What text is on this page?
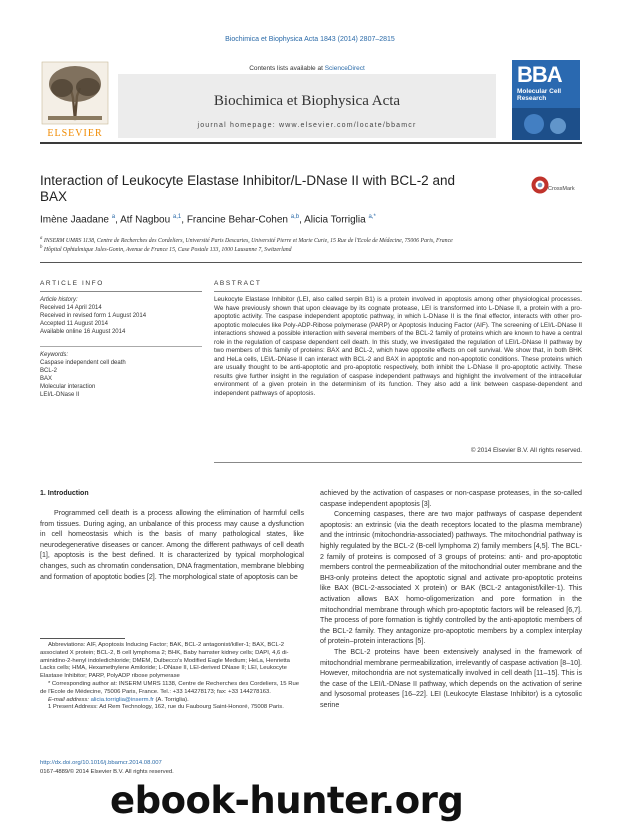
Biochimica et Biophysica Acta 1843 (2014) 2807–2815
ELSEVIER
Contents lists available at ScienceDirect
Biochimica et Biophysica Acta
journal homepage: www.elsevier.com/locate/bbamcr
BBA
Molecular Cell Research
Interaction of Leukocyte Elastase Inhibitor/L-DNase II with BCL-2 and BAX	CrossMark
Imène Jaadane $^a$, Atf Nagbou $^{a,1}$, Francine Behar-Cohen $^{a,b}$, Alicia Torriglia $^{a,*}$
$^a$ INSERM UMRS 1138, Centre de Recherches des Cordeliers, Université Paris Descartes, Université Pierre et Marie Curie, 15 Rue de l'Ecole de Médecine, 75006 Paris, France
$^b$ Hôpital Ophtalmique Jules-Gonin, Avenue de France 15, Case Postale 133, 1000 Lausanne 7, Switzerland
ARTICLE INFO	ABSTRACT
Article history:
Received 14 April 2014
Received in revised form 1 August 2014
Accepted 11 August 2014
Available online 16 August 2014
Keywords:
Caspase independent cell death
BCL-2
BAX
Molecular interaction
LEI/L-DNase II
Leukocyte Elastase Inhibitor (LEI, also called serpin B1) is a protein involved in apoptosis among other physiological processes. We have previously shown that upon cleavage by its cognate protease, LEI is transformed into L-DNase II, a protein with a pro-apoptotic activity. The caspase independent apoptotic pathway, in which L-DNase II is the final effector, interacts with other pro-apoptotic molecules like Poly-ADP-Ribose polymerase (PARP) or Apoptosis Inducing Factor (AIF). The screening of LEI/L-DNase II interactions showed a possible interaction with several members of the BCL-2 family of proteins which are known to have a central role in the regulation of caspase dependent cell death. In this study, we investigated the regulation of LEI/L-DNase II pathway by two members of this family of proteins: BAX and BCL-2, which have opposite effects on cell survival. We show that, in both BHK and HeLa cells, LEI/L-DNase II can interact with BCL-2 and BAX in apoptotic and non-apoptotic conditions. These proteins which are usually thought to be anti-apoptotic and pro-apoptotic respectively, both inhibit the L-DNase II pro-apoptotic activity. These results give further insight in the regulation of caspase independent pathways and highlight the involvement of the intracellular environment of a given protein in the determinism of its function. They also add a link between caspase-dependent and independent pathways of apoptosis.
© 2014 Elsevier B.V. All rights reserved.
1. Introduction
Programmed cell death is a process allowing the elimination of harmful cells from tissues. During aging, an unbalance of this process may cause a dysfunction in cell homeostasis which is the basis of many pathological states, like neurodegenerative diseases or cancer. Among the different pathways of cell death [1], apoptosis is the best defined. It is characterized by typical morphological changes, such as chromatin condensation, DNA fragmentation, membrane blebbing and formation of apoptotic bodies [2]. The morphological state of apoptosis can be

achieved by the activation of caspases or non-caspase proteases, in the so-called caspase independent apoptosis [3].

Concerning caspases, there are two major pathways of caspase dependent apoptosis: an extrinsic (via the death receptors located to the plasma membrane) and the intrinsic (mitochondria-associated) pathways. The mitochondrial pathway is highly regulated by the BCL-2 (B-cell lymphoma 2) family members [4,5]. The BCL-2 family of proteins is composed of 3 groups of proteins: anti- and pro-apoptotic members control the permeabilization of the mitochondrial outer membrane and the BH3-only proteins detect the apoptotic signal and activate pro-apoptotic proteins like BAX (BCL-2-associated X protein) or BAK (BCL-2 antagonist/killer-1). This activation allows BAX homo-oligomerization and pore formation in the mitochondrial membrane through which pro-apoptotic factors will be released [6,7]. The process of pore formation is tightly controlled by the anti-apoptotic members of the BCL-2 family. They antagonize pro-apoptotic members by a complex interplay of protein–protein interactions [5].

The BCL-2 proteins have been extensively analysed in the framework of mitochondrial membrane permeabilization, irrelevantly of caspase activation [8–10]. However, mitochondria are not systematically involved in cell death [11–15]. This is the case of the LEI/L-DNase II pathway, which depends on the activation of serine and lysosomal proteases [16–22]. LEI (Leukocyte Elastase Inhibitor) is a cytosolic serine

Abbreviations: AIF, Apoptosis Inducing Factor; BAK, BCL-2 antagonist/killer-1; BAX, BCL-2 associated X protein; BCL-2, B cell lymphoma 2; BHK, Baby hamster kidney cells; DAPI, 4,6 di-aminidino-2-henyl indoledichloride; DMEM, Dulbecco's Modified Eagle Medium; HeLa, Henrietta Lacks cells; HMA, Hexamethylene Amiloride; L-DNase II, LEI-derived DNase II; LEI, Leukocyte Elastase Inhibitor; PARP, PolyADP ribose polymerase

* Corresponding author at: INSERM UMRS 1138, Centre de Recherches des Cordeliers, 15 Rue de l'Ecole de Médecine, 75006 Paris, France. Tel.: +33 144278173; fax: +33 144278163.

E-mail address: alicia.torriglia@inserm.fr (A. Torriglia).

1 Present Address: Ad Rem Technology, 162, rue du Faubourg Saint-Honoré, 75008 Paris.

http://dx.doi.org/10.1016/j.bbamcr.2014.08.007
0167-4889/© 2014 Elsevier B.V. All rights reserved.
ebook-hunter.org
